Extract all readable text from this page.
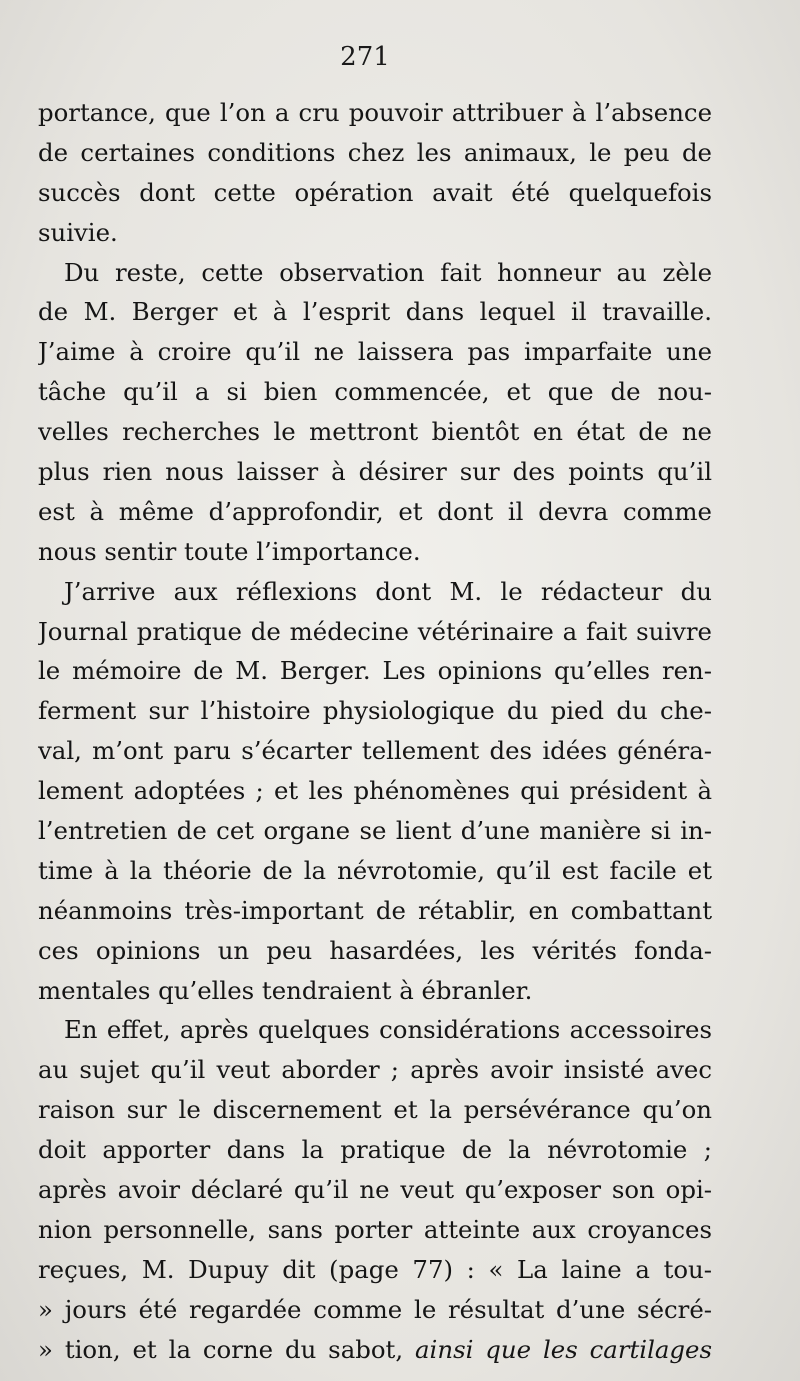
271
portance, que l’on a cru pouvoir attribuer à l’absence
de certaines conditions chez les animaux, le peu de
succès dont cette opération avait été quelquefois
suivie.
Du reste, cette observation fait honneur au zèle
de M. Berger et à l’esprit dans lequel il travaille.
J’aime à croire qu’il ne laissera pas imparfaite une
tâche qu’il a si bien commencée, et que de nou-
velles recherches le mettront bientôt en état de ne
plus rien nous laisser à désirer sur des points qu’il
est à même d’approfondir, et dont il devra comme
nous sentir toute l’importance.
J’arrive aux réflexions dont M. le rédacteur du
Journal pratique de médecine vétérinaire a fait suivre
le mémoire de M. Berger. Les opinions qu’elles ren-
ferment sur l’histoire physiologique du pied du che-
val, m’ont paru s’écarter tellement des idées généra-
lement adoptées ; et les phénomènes qui président à
l’entretien de cet organe se lient d’une manière si in-
time à la théorie de la névrotomie, qu’il est facile et
néanmoins très-important de rétablir, en combattant
ces opinions un peu hasardées, les vérités fonda-
mentales qu’elles tendraient à ébranler.
En effet, après quelques considérations accessoires
au sujet qu’il veut aborder ; après avoir insisté avec
raison sur le discernement et la persévérance qu’on
doit apporter dans la pratique de la névrotomie ;
après avoir déclaré qu’il ne veut qu’exposer son opi-
nion personnelle, sans porter atteinte aux croyances
reçues, M. Dupuy dit (page 77) : « La laine a tou-
» jours été regardée comme le résultat d’une sécré-
» tion, et la corne du sabot, ainsi que les cartilages
